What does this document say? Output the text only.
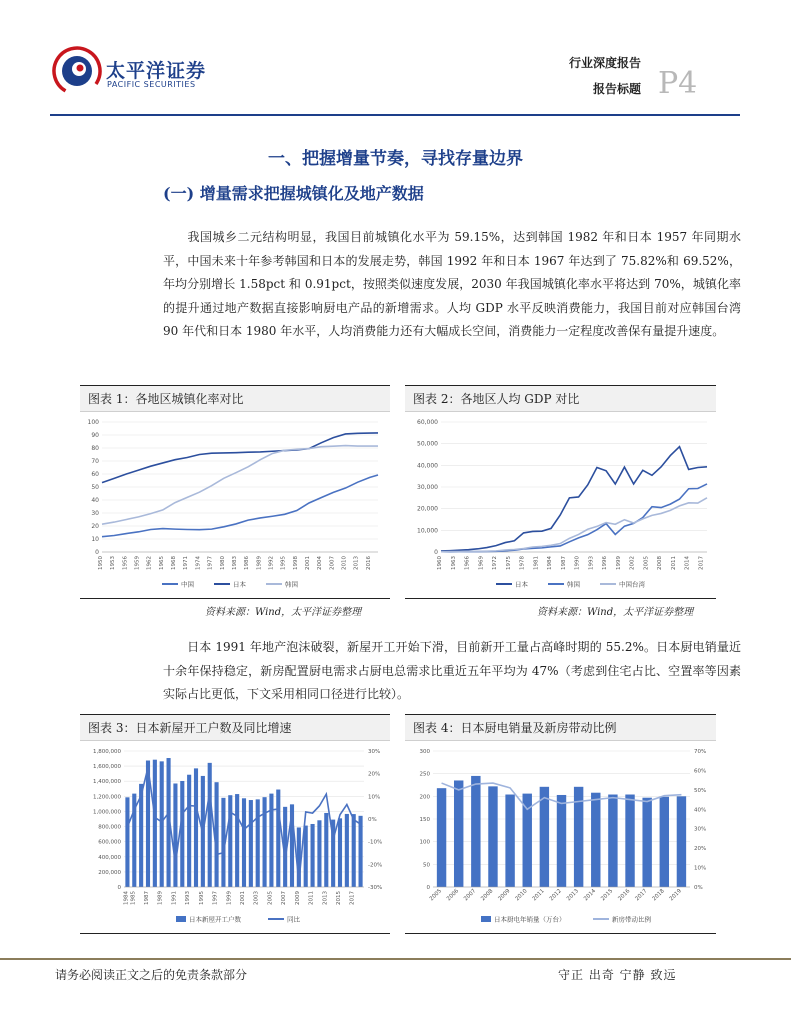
太平洋证券
PACIFIC SECURITIES
行业深度报告
报告标题 P4
一、把握增量节奏，寻找存量边界
(一) 增量需求把握城镇化及地产数据
我国城乡二元结构明显，我国目前城镇化水平为 59.15%，达到韩国 1982 年和日本 1957 年同期水平，中国未来十年参考韩国和日本的发展走势，韩国 1992 年和日本 1967 年达到了 75.82%和 69.52%，年均分别增长 1.58pct 和 0.91pct，按照类似速度发展，2030 年我国城镇化率水平将达到 70%，城镇化率的提升通过地产数据直接影响厨电产品的新增需求。人均 GDP 水平反映消费能力，我国目前对应韩国台湾 90 年代和日本 1980 年水平，人均消费能力还有大幅成长空间，消费能力一定程度改善保有量提升速度。
图表 1：各地区城镇化率对比
0
10
20
30
40
50
60
70
80
90
100
1950 1953 1956 1959 1962 1965 1968 1971 1974 1977 1980 1983 1986 1989 1992 1995 1998 2001 2004 2007 2010 2013 2016
中国	日本	韩国
资料来源：Wind，太平洋证券整理
图表 2：各地区人均 GDP 对比
0
10,000
20,000
30,000
40,000
50,000
60,000
1960 1963 1966 1969 1972 1975 1978 1981 1984 1987 1990 1993 1996 1999 2002 2005 2008 2011 2014 2017
日本	韩国	中国台湾
资料来源：Wind，太平洋证券整理
日本 1991 年地产泡沫破裂，新屋开工开始下滑，目前新开工量占高峰时期的 55.2%。日本厨电销量近十余年保持稳定，新房配置厨电需求占厨电总需求比重近五年平均为 47%（考虑到住宅占比、空置率等因素实际占比更低，下文采用相同口径进行比较）。
图表 3：日本新屋开工户数及同比增速
0
200,000
400,000
600,000
800,000
1,000,000
1,200,000
1,400,000
1,600,000
1,800,000
-30%
-20%
-10%
0%
10%
20%
30%
1984 1985 1987 1989 1991 1993 1995 1997 1999 2001 2003 2005 2007 2009 2011 2013 2015 2017
日本新屋开工户数	同比
图表 4：日本厨电销量及新房带动比例
0
50
100
150
200
250
300
0%
10%
20%
30%
40%
50%
60%
70%
2005 2006 2007 2008 2009 2010 2011 2012 2013 2014 2015 2016 2017 2018 2019
日本厨电年销量（万台）	新房带动比例
请务必阅读正文之后的免责条款部分	守正 出奇 宁静 致远
